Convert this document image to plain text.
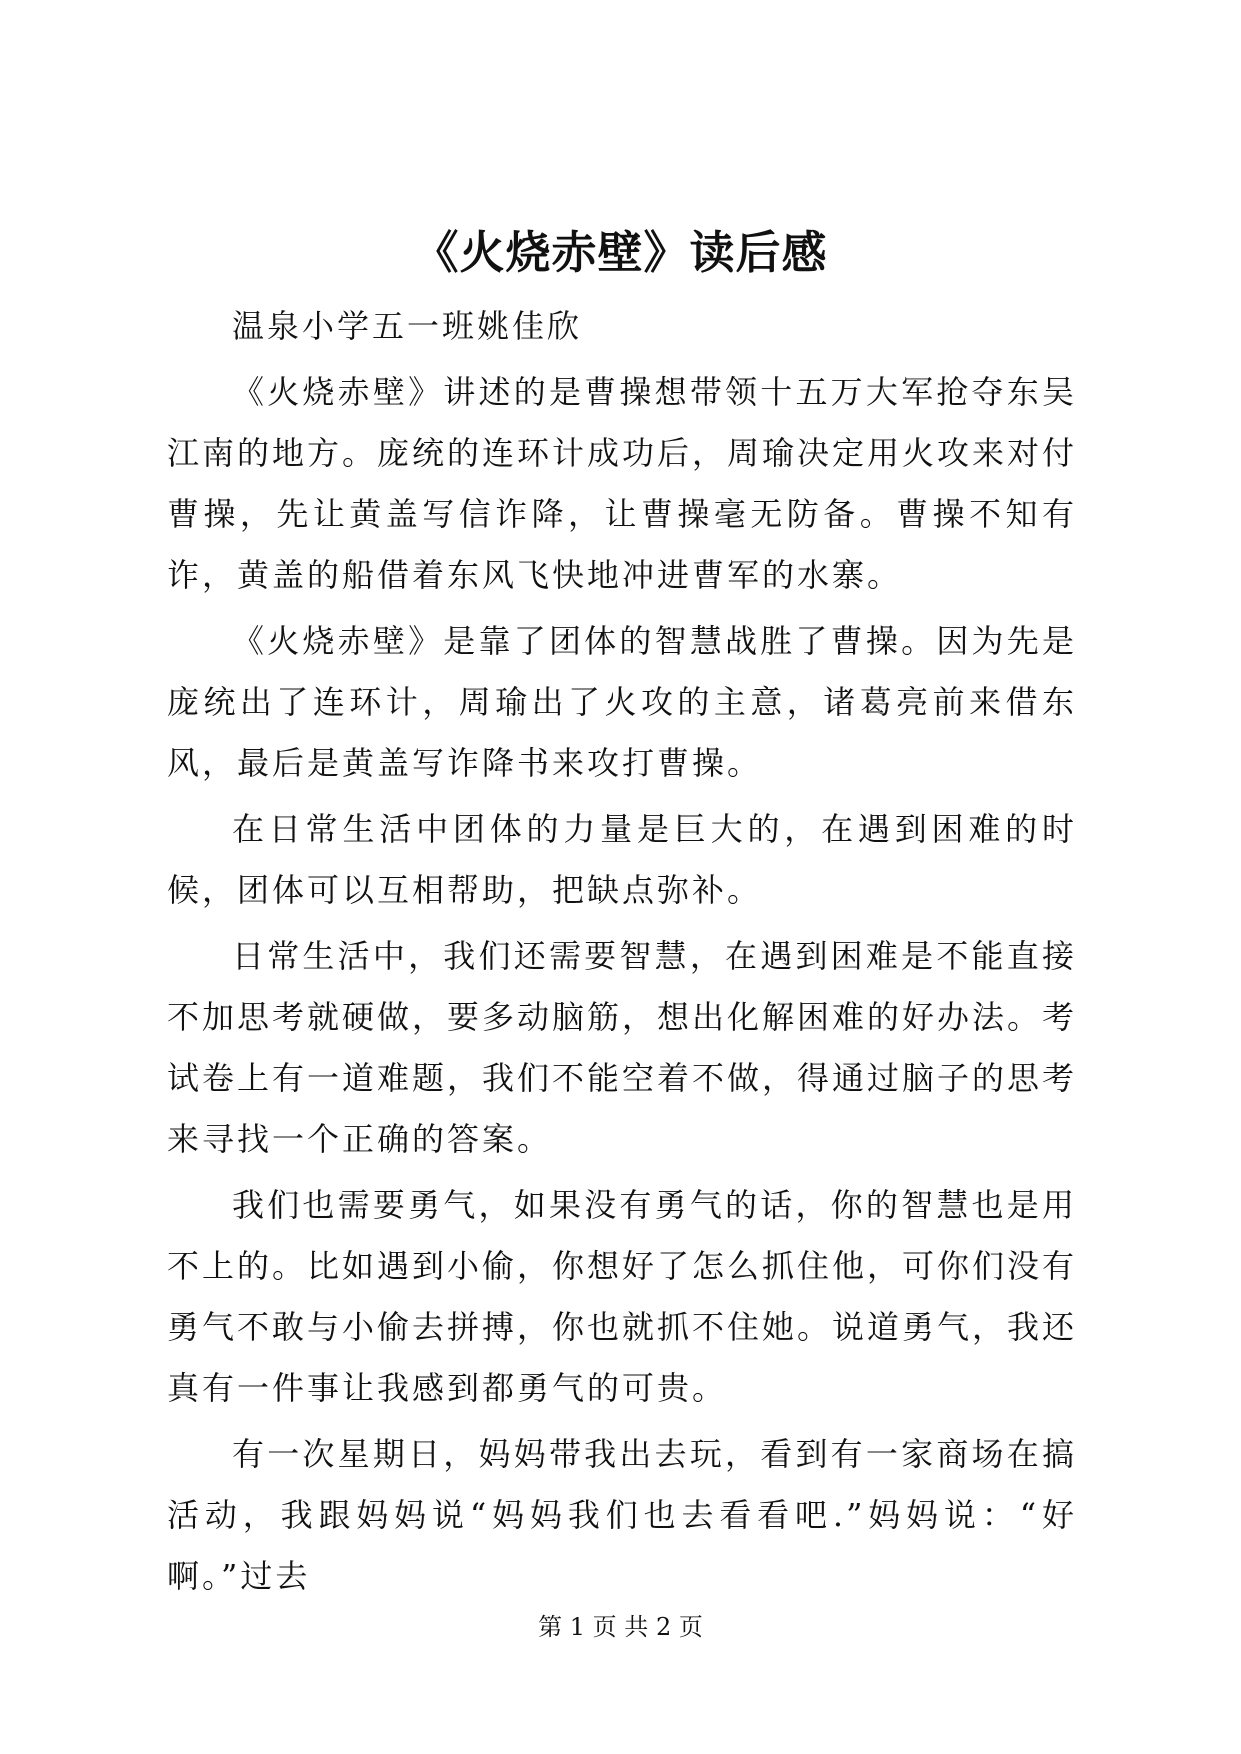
《火烧赤壁》读后感

温泉小学五一班姚佳欣

《火烧赤壁》讲述的是曹操想带领十五万大军抢夺东吴江南的地方。庞统的连环计成功后，周瑜决定用火攻来对付曹操，先让黄盖写信诈降，让曹操毫无防备。曹操不知有诈，黄盖的船借着东风飞快地冲进曹军的水寨。

《火烧赤壁》是靠了团体的智慧战胜了曹操。因为先是庞统出了连环计，周瑜出了火攻的主意，诸葛亮前来借东风，最后是黄盖写诈降书来攻打曹操。

在日常生活中团体的力量是巨大的，在遇到困难的时候，团体可以互相帮助，把缺点弥补。

日常生活中，我们还需要智慧，在遇到困难是不能直接不加思考就硬做，要多动脑筋，想出化解困难的好办法。考试卷上有一道难题，我们不能空着不做，得通过脑子的思考来寻找一个正确的答案。

我们也需要勇气，如果没有勇气的话，你的智慧也是用不上的。比如遇到小偷，你想好了怎么抓住他，可你们没有勇气不敢与小偷去拼搏，你也就抓不住她。说道勇气，我还真有一件事让我感到都勇气的可贵。

有一次星期日，妈妈带我出去玩，看到有一家商场在搞活动，我跟妈妈说“妈妈我们也去看看吧.”妈妈说：“好啊。”过去

第 1 页 共 2 页
